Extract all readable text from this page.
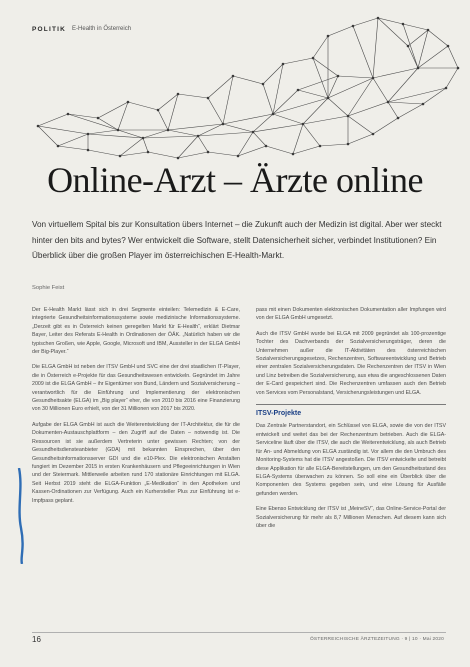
POLITIK E-Health in Österreich
Online-Arzt – Ärzte online
Von virtuellem Spital bis zur Konsultation übers Internet – die Zukunft auch der Medizin ist digital. Aber wer steckt hinter den bits and bytes? Wer entwickelt die Software, stellt Datensicherheit sicher, verbindet Institutionen? Ein Überblick über die großen Player im österreichischen E-Health-Markt.
Sophie Feist

Der E-Health Markt lässt sich in drei Segmente einteilen: Telemedizin & E-Care, integrierte Gesundheitsinformationssysteme sowie medizinische Informationssysteme. „Derzeit gibt es in Österreich keinen geregelten Markt für E-Health“, erklärt Dietmar Bayer, Leiter des Referats E-Health in Ordinationen der ÖÄK. „Natürlich haben wir die typischen Großen, wie Apple, Google, Microsoft und IBM, Aussteller in der ELGA GmbH der Big-Player.“

Die ELGA GmbH ist neben der ITSV GmbH und SVC eine der drei staatlichen IT-Player, die in Österreich e-Projekte für das Gesundheitswesen entwickeln. Gegründet im Jahre 2009 ist die ELGA GmbH – ihr Eigentümer von Bund, Ländern und Sozialversicherung – verantwortlich für die Einführung und Implementierung der elektronischen Gesundheitsakte (ELGA) im „Big player“ eher, die von 2010 bis 2016 eine Finanzierung von 30 Millionen Euro erhielt, von der 31 Millionen von 2017 bis 2020.

Aufgabe der ELGA GmbH ist auch die Weiterentwicklung der IT-Architektur, die für die Dokumenten-Austauschplattform – den Zugriff auf die Daten – notwendig ist. Die Ressourcen ist sie außerdem Vertreterin unter gewissen Rechten; von der Gesundheitsdiensteanbieter (GDA) mit bekannten Einsprechen, über den Gesundheitsinformationsserver GDI und die e10-Plex. Die elektronischen Anstalten fungiert im Dezember 2015 in ersten Krankenhäusern und Pflegeeinrichtungen in Wien und der Steiermark. Mittlerweile arbeiten rund 170 stationäre Einrichtungen mit ELGA. Seit Herbst 2019 steht die ELGA-Funktion „E-Medikation“ in den Apotheken und Kassen-Ordinationen zur Verfügung. Auch ein Kurhersteller Plus zur Einführung ist e-Impfpass geplant.

pass mit einen Dokumenten elektronischen Dokumentation aller Impfungen wird von der ELGA GmbH umgesetzt.

Auch die ITSV GmbH wurde bei ELGA mit 2009 gegründet als 100-prozentige Tochter des Dachverbands der Sozialversicherungsträger, deren die Unternehmen außer die IT-Aktivitäten des österreichischen Sozialversicherungsgesetzes, Rechenzentren, Softwareentwicklung und Betrieb einer zentralen Sozialversicherungsdaten. Die Rechenzentren der ITSV in Wien und Linz betreiben die Sozialversicherung, aus etwa die angeschlossenen Daten der E-Card gespeichert sind. Die Rechenzentren umfassen auch den Betrieb von Services vom Personalstand, Versicherungsleistungen und ELGA.

ITSV-Projekte

Das Zentrale Partnerstandort, ein Schlüssel von ELGA, sowie die von der ITSV entwickelt und weitet das bei der Rechenzentrum betrieben. Auch die ELGA-Serviceline läuft über die ITSV, die auch die Weiterentwicklung, als auch Betrieb für An- und Abmeldung von ELGA zuständig ist. Vor allem die den Umbruch des Monitoring-Systems hat die ITSV angestoßen. Die ITSV entwickelte und betreibt diese Applikation für alle ELGA-Bereitstellungen, um den Gesundheitsstand des ELGA-Systems überwachen zu können. So soll eine ein Überblick über die Komponenten des Systems gegeben sein, und eine Lösung für Ausfälle gefunden werden.

Eine Ebenso Entwicklung der ITSV ist „MeineSV“, das Online-Service-Portal der Sozialversicherung für mehr als 8,7 Millionen Menschen. Auf diesem kann sich über die

16	ÖSTERREICHISCHE ÄRZTEZEITUNG · 9 | 10 · Mai 2020
